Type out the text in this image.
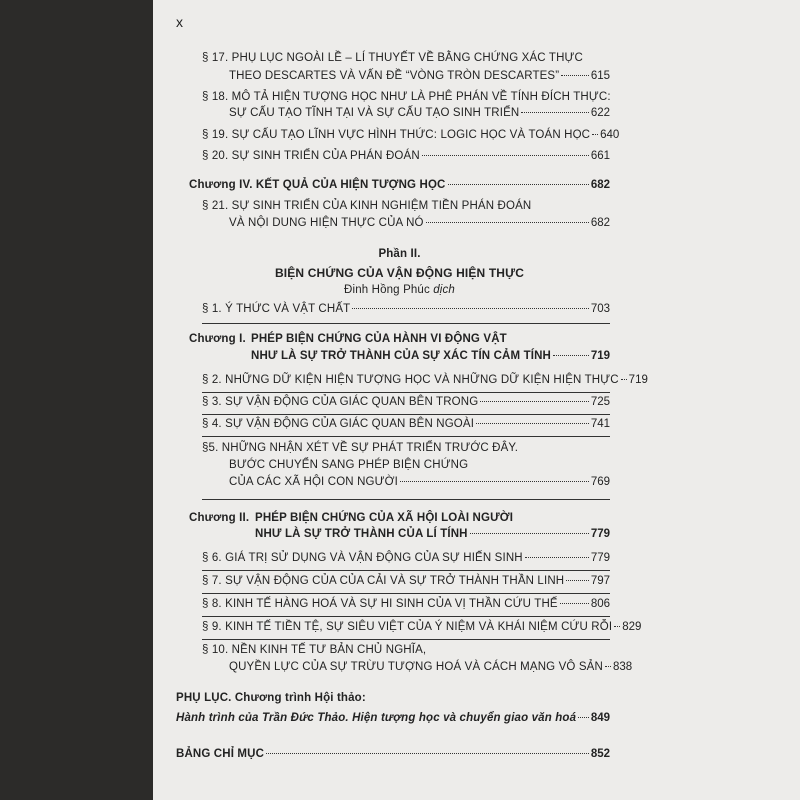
x
§ 17. PHỤ LỤC NGOÀI LỀ – LÍ THUYẾT VỀ BẰNG CHỨNG XÁC THỰC
THEO DESCARTES VÀ VẤN ĐỀ “VÒNG TRÒN DESCARTES”	615
§ 18. MÔ TẢ HIỆN TƯỢNG HỌC NHƯ LÀ PHÊ PHÁN VỀ TÍNH ĐÍCH THỰC:
SỰ CẤU TẠO TĨNH TẠI VÀ SỰ CẤU TẠO SINH TRIỂN	622
§ 19. SỰ CẤU TẠO LĨNH VỰC HÌNH THỨC: LOGIC HỌC VÀ TOÁN HỌC 640
§ 20. SỰ SINH TRIỂN CỦA PHÁN ĐOÁN	661
Chương IV. KẾT QUẢ CỦA HIỆN TƯỢNG HỌC	682
§ 21. SỰ SINH TRIỂN CỦA KINH NGHIỆM TIỀN PHÁN ĐOÁN
VÀ NỘI DUNG HIỆN THỰC CỦA NÓ	682
Phần II.
BIỆN CHỨNG CỦA VẬN ĐỘNG HIỆN THỰC
Đinh Hồng Phúc dịch
§ 1. Ý THỨC VÀ VẬT CHẤT	703
Chương I. PHÉP BIỆN CHỨNG CỦA HÀNH VI ĐỘNG VẬT
NHƯ LÀ SỰ TRỞ THÀNH CỦA SỰ XÁC TÍN CẢM TÍNH	719
§ 2. NHỮNG DỮ KIỆN HIỆN TƯỢNG HỌC VÀ NHỮNG DỮ KIỆN HIỆN THỰC 719
§ 3. SỰ VẬN ĐỘNG CỦA GIÁC QUAN BÊN TRONG	725
§ 4. SỰ VẬN ĐỘNG CỦA GIÁC QUAN BÊN NGOÀI	741
§5. NHỮNG NHẬN XÉT VỀ SỰ PHÁT TRIỂN TRƯỚC ĐÂY.
BƯỚC CHUYỂN SANG PHÉP BIỆN CHỨNG
CỦA CÁC XÃ HỘI CON NGƯỜI	769
Chương II. PHÉP BIỆN CHỨNG CỦA XÃ HỘI LOÀI NGƯỜI
NHƯ LÀ SỰ TRỞ THÀNH CỦA LÍ TÍNH	779
§ 6. GIÁ TRỊ SỬ DỤNG VÀ VẬN ĐỘNG CỦA SỰ HIẾN SINH	779
§ 7. SỰ VẬN ĐỘNG CỦA CỦA CẢI VÀ SỰ TRỞ THÀNH THẦN LINH 797
§ 8. KINH TẾ HÀNG HOÁ VÀ SỰ HI SINH CỦA VỊ THẦN CỨU THẾ	806
§ 9. KINH TẾ TIỀN TỆ, SỰ SIÊU VIỆT CỦA Ý NIỆM VÀ KHÁI NIỆM CỨU RỖI 829
§ 10. NỀN KINH TẾ TƯ BẢN CHỦ NGHĨA,
QUYỀN LỰC CỦA SỰ TRỪU TƯỢNG HOÁ VÀ CÁCH MẠNG VÔ SẢN 838
PHỤ LỤC. Chương trình Hội thảo:
Hành trình của Trần Đức Thảo. Hiện tượng học và chuyển giao văn hoá 849
BẢNG CHỈ MỤC	852
